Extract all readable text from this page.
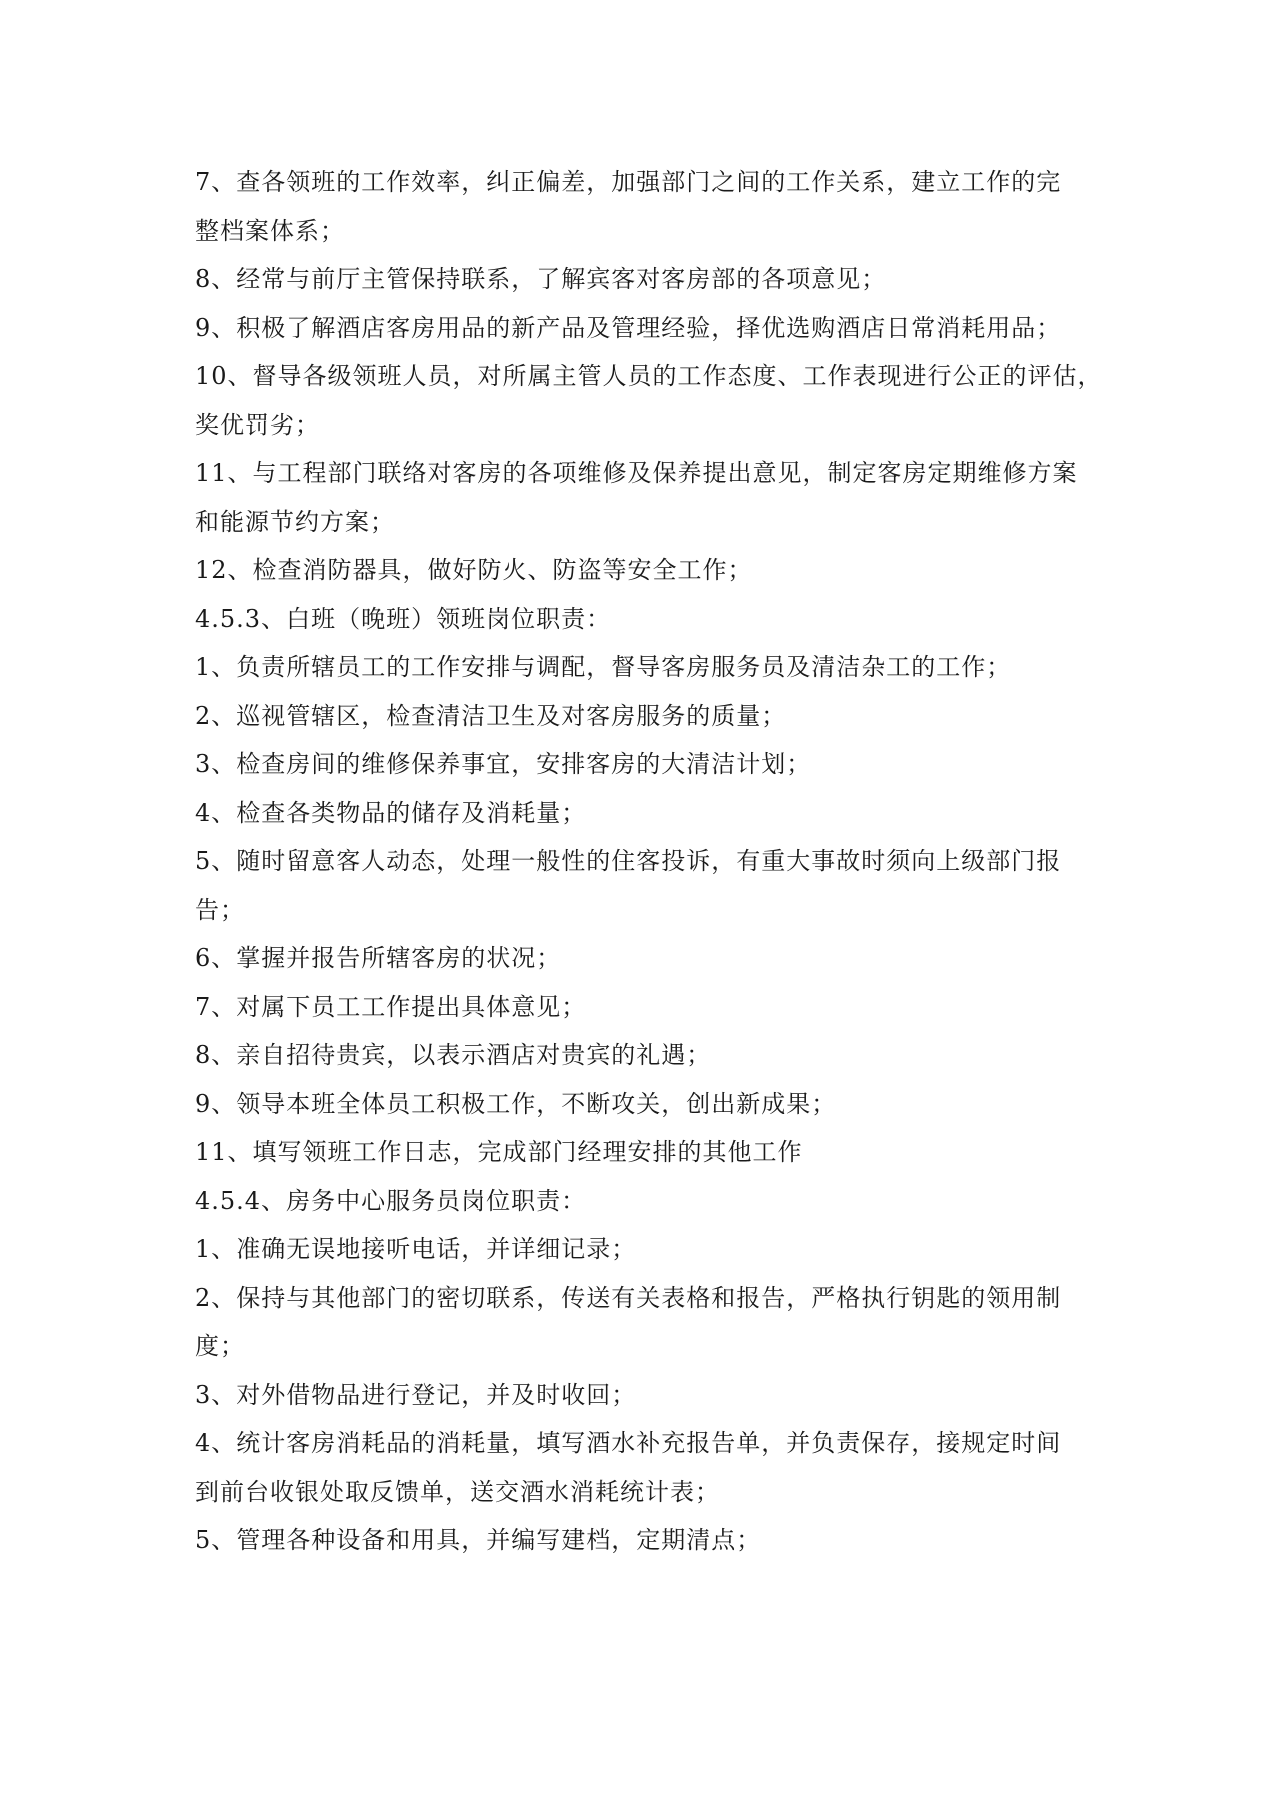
7、查各领班的工作效率，纠正偏差，加强部门之间的工作关系，建立工作的完
整档案体系；
8、经常与前厅主管保持联系，了解宾客对客房部的各项意见；
9、积极了解酒店客房用品的新产品及管理经验，择优选购酒店日常消耗用品；
10、督导各级领班人员，对所属主管人员的工作态度、工作表现进行公正的评估，
奖优罚劣；
11、与工程部门联络对客房的各项维修及保养提出意见，制定客房定期维修方案
和能源节约方案；
12、检查消防器具，做好防火、防盗等安全工作；
4.5.3、白班（晚班）领班岗位职责：
1、负责所辖员工的工作安排与调配，督导客房服务员及清洁杂工的工作；
2、巡视管辖区，检查清洁卫生及对客房服务的质量；
3、检查房间的维修保养事宜，安排客房的大清洁计划；
4、检查各类物品的储存及消耗量；
5、随时留意客人动态，处理一般性的住客投诉，有重大事故时须向上级部门报
告；
6、掌握并报告所辖客房的状况；
7、对属下员工工作提出具体意见；
8、亲自招待贵宾，以表示酒店对贵宾的礼遇；
9、领导本班全体员工积极工作，不断攻关，创出新成果；
11、填写领班工作日志，完成部门经理安排的其他工作
4.5.4、房务中心服务员岗位职责：
1、准确无误地接听电话，并详细记录；
2、保持与其他部门的密切联系，传送有关表格和报告，严格执行钥匙的领用制
度；
3、对外借物品进行登记，并及时收回；
4、统计客房消耗品的消耗量，填写酒水补充报告单，并负责保存，接规定时间
到前台收银处取反馈单，送交酒水消耗统计表；
5、管理各种设备和用具，并编写建档，定期清点；
